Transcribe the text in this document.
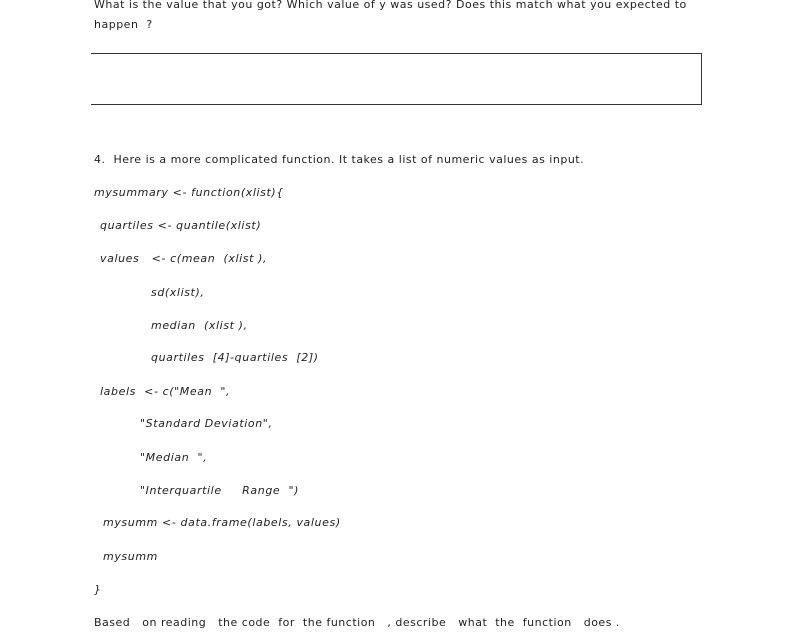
What is the value that you got? Which value of y was used? Does this match what you expected to
happen  ?
4.  Here is a more complicated function. It takes a list of numeric values as input.
mysummary <- function(xlist){
quartiles <- quantile(xlist)
values   <- c(mean  (xlist ),
sd(xlist),
median  (xlist ),
quartiles  [4]-quartiles  [2])
labels  <- c("Mean  ",
"Standard Deviation",
"Median  ",
"Interquartile     Range  ")
mysumm <- data.frame(labels, values)
mysumm
}
Based   on reading   the code  for  the function   , describe   what  the  function   does .
